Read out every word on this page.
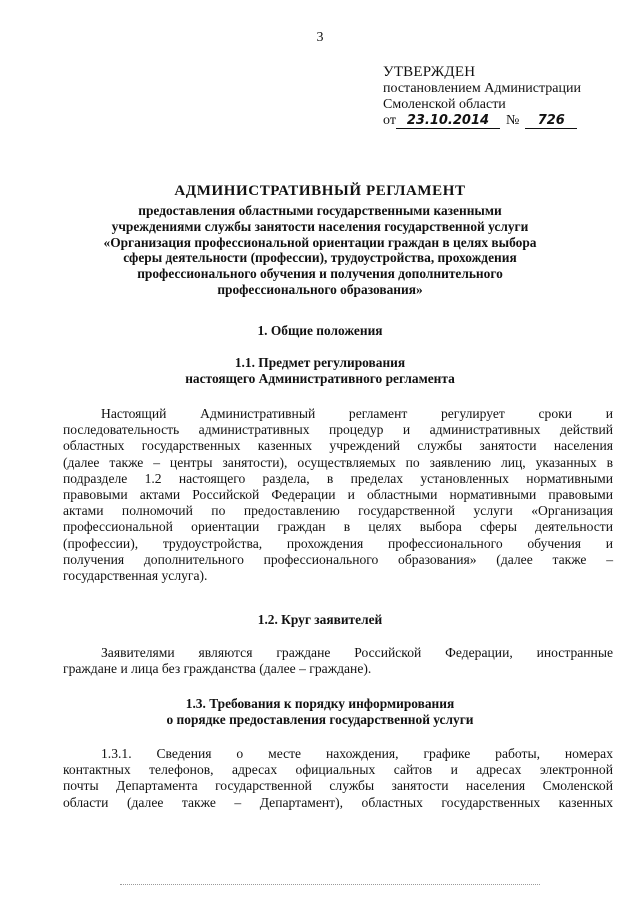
3
УТВЕРЖДЕН
постановлением Администрации
Смоленской области
от 23.10.2014	№	726
АДМИНИСТРАТИВНЫЙ РЕГЛАМЕНТ
предоставления областными государственными казенными
учреждениями службы занятости населения государственной услуги
«Организация профессиональной ориентации граждан в целях выбора
сферы деятельности (профессии), трудоустройства, прохождения
профессионального обучения и получения дополнительного
профессионального образования»
1. Общие положения
1.1. Предмет регулирования
настоящего Административного регламента
Настоящий Административный регламент регулирует сроки и
последовательность административных процедур и административных действий
областных государственных казенных учреждений службы занятости населения
(далее также – центры занятости), осуществляемых по заявлению лиц, указанных в
подразделе 1.2 настоящего раздела, в пределах установленных нормативными
правовыми актами Российской Федерации и областными нормативными правовыми
актами полномочий по предоставлению государственной услуги «Организация
профессиональной ориентации граждан в целях выбора сферы деятельности
(профессии), трудоустройства, прохождения профессионального обучения и
получения дополнительного профессионального образования» (далее также –
государственная услуга).
1.2. Круг заявителей
Заявителями являются граждане Российской Федерации, иностранные
граждане и лица без гражданства (далее – граждане).
1.3. Требования к порядку информирования
о порядке предоставления государственной услуги
1.3.1. Сведения о месте нахождения, графике работы, номерах
контактных телефонов, адресах официальных сайтов и адресах электронной
почты Департамента государственной службы занятости населения Смоленской
области (далее также – Департамент), областных государственных казенных
